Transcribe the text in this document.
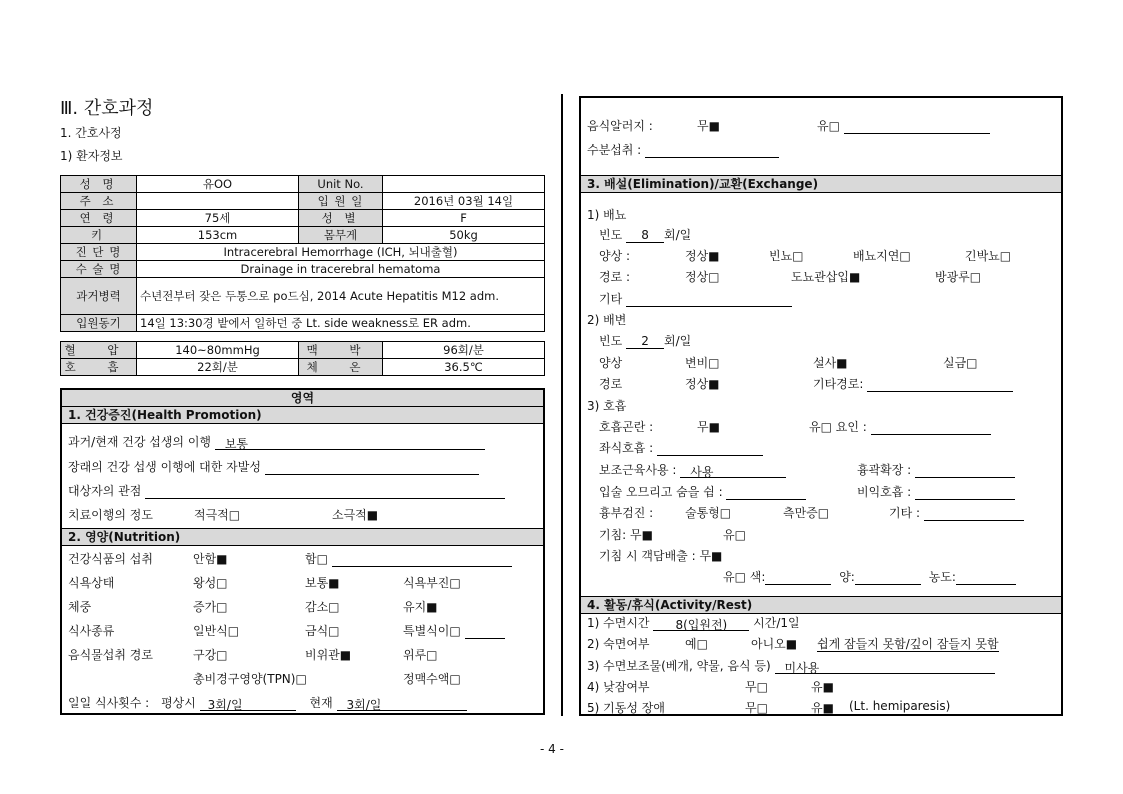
Ⅲ. 간호과정
1. 간호사정
1) 환자정보
성 명	유OO	Unit No.	
주 소		입 원 일	2016년 03월 14일
연 령	75세	성 별	F
키	153cm	몸무게	50kg
진 단 명	Intracerebral Hemorrhage (ICH, 뇌내출혈)		
수 술 명	Drainage in tracerebral hematoma		
과거병력	수년전부터 잦은 두통으로 po드심, 2014 Acute Hepatitis M12 adm.		
입원동기	14일 13:30경 밭에서 일하던 중 Lt. side weakness로 ER adm.		
혈 압	140~80mmHg	맥 박	96회/분
호 흡	22회/분	체 온	36.5℃
영역
1. 건강증진(Health Promotion)
과거/현재 건강 섭생의 이행 보통
장래의 건강 섭생 이행에 대한 자발성
대상자의 관점
치료이행의 정도	적극적□	소극적■
2. 영양(Nutrition)
건강식품의 섭취	안함■	함□
식욕상태	왕성□	보통■	식욕부진□
체중	증가□	감소□	유지■
식사종류	일반식□	금식□	특별식이□
음식물섭취 경로	구강□	비위관■	위루□
총비경구영양(TPN)□	정맥수액□
일일 식사횟수 : 평상시 3회/일	현재 3회/일
음식알러지 :	무■	유□
수분섭취 :
3. 배설(Elimination)/교환(Exchange)
1) 배뇨
빈도 8 회/일
양상 :	정상■	빈뇨□	배뇨지연□	긴박뇨□
경로 :	정상□	도뇨관삽입■	방광루□
기타
2) 배변
빈도 2 회/일
양상	변비□	설사■	실금□
경로	정상■	기타경로:
3) 호흡
호흡곤란 :	무■	유□ 요인 :
좌식호흡 :
보조근육사용 : 사용	흉곽확장 :
입술 오므리고 숨을 쉼 :	비익호흡 :
흉부검진 :	술통형□	측만증□	기타 :
기침: 무■	유□
기침 시 객담배출 : 무■
유□ 색:	양:	농도:
4. 활동/휴식(Activity/Rest)
1) 수면시간 8(입원전) 시간/1일
2) 숙면여부	예□	아니오■ 쉽게 잠들지 못함/깊이 잠들지 못함
3) 수면보조물(베개, 약물, 음식 등) 미사용
4) 낮잠여부	무□	유■
5) 기동성 장애	무□	유■ (Lt. hemiparesis)
- 4 -
